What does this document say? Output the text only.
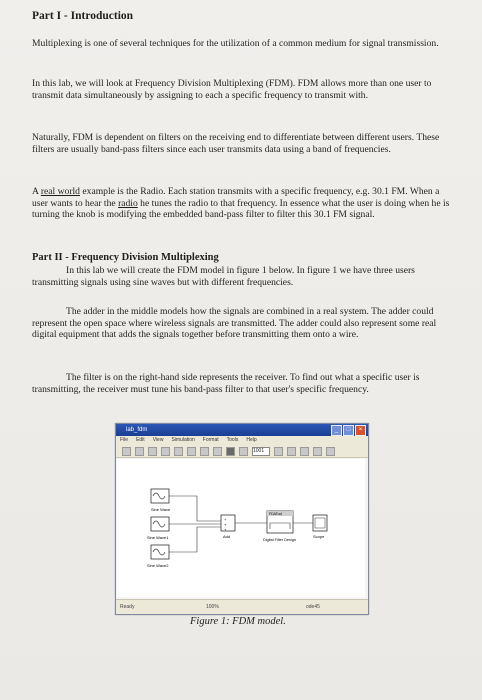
Part I - Introduction

Multiplexing is one of several techniques for the utilization of a common medium for signal transmission.

In this lab, we will look at Frequency Division Multiplexing (FDM). FDM allows more than one user to transmit data simultaneously by assigning to each a specific frequency to transmit with.

Naturally, FDM is dependent on filters on the receiving end to differentiate between different users. These filters are usually band-pass filters since each user transmits data using a band of frequencies.

A real world example is the Radio. Each station transmits with a specific frequency, e.g. 30.1 FM. When a user wants to hear the radio he tunes the radio to that frequency. In essence what the user is doing when he is turning the knob is modifying the embedded band-pass filter to filter this 30.1 FM signal.

Part II - Frequency Division Multiplexing

In this lab we will create the FDM model in figure 1 below. In figure 1 we have three users transmitting signals using sine waves but with different frequencies.

The adder in the middle models how the signals are combined in a real system. The adder could represent the open space where wireless signals are transmitted. The adder could also represent some real digital equipment that adds the signals together before transmitting them onto a wire.

The filter is on the right-hand side represents the receiver. To find out what a specific user is transmitting, the receiver must tune his band-pass filter to that user's specific frequency.

lab_fdm	_	□	×
File Edit View Simulation Format Tools Help
1001
Sine Wave
Sine Wave1
Sine Wave2
+
+
+
Add
FDATool
Digital Filter Design
Scope
Ready	100%	ode45
Figure 1: FDM model.
